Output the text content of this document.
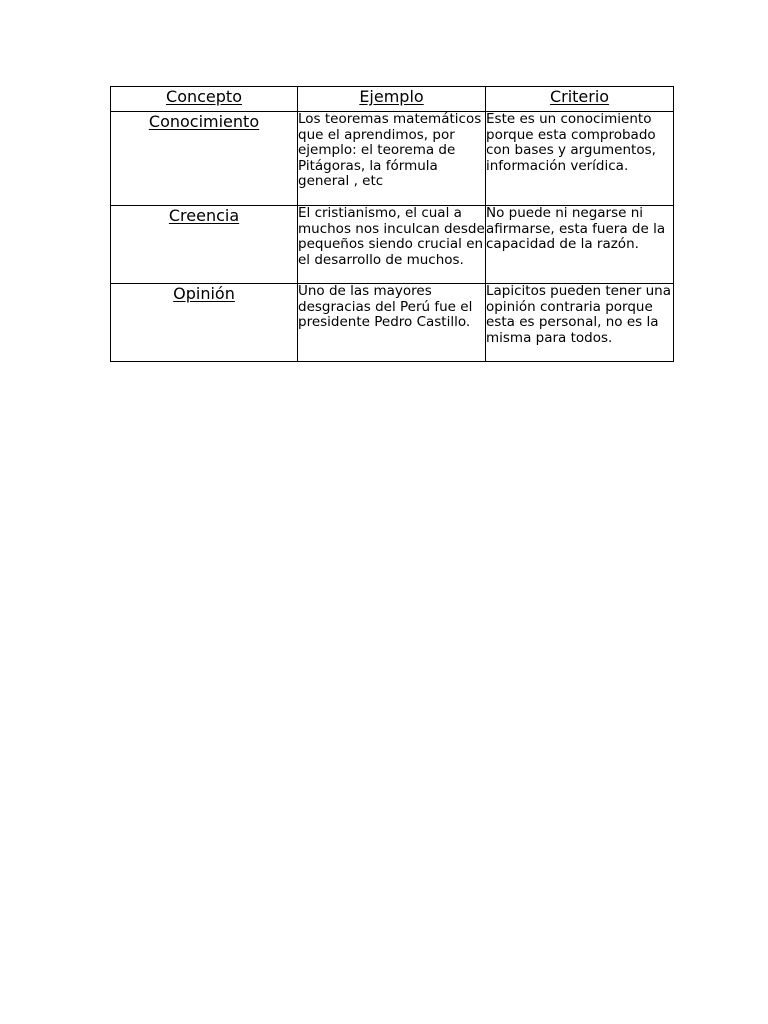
Concepto	Ejemplo	Criterio
Conocimiento	Los teoremas matemáticos que el aprendimos, por ejemplo: el teorema de Pitágoras, la fórmula general , etc	Este es un conocimiento porque esta comprobado con bases y argumentos, información verídica.
Creencia	El cristianismo, el cual a muchos nos inculcan desde pequeños siendo crucial en el desarrollo de muchos.	No puede ni negarse ni afirmarse, esta fuera de la capacidad de la razón.
Opinión	Uno de las mayores desgracias del Perú fue el presidente Pedro Castillo.	Lapicitos pueden tener una opinión contraria porque esta es personal, no es la misma para todos.
